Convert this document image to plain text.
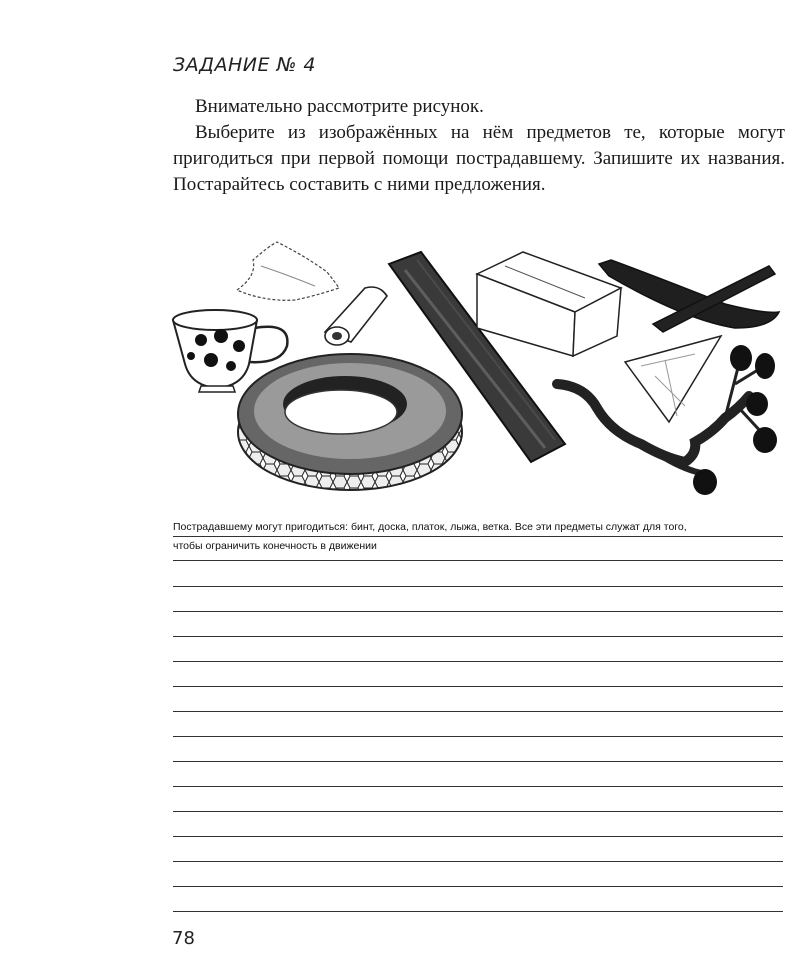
ЗАДАНИЕ № 4

Внимательно рассмотрите рисунок.

Выберите из изображённых на нём предметов те, которые могут пригодиться при первой помощи пострадавшему. Запишите их названия. Постарайтесь составить с ними предложения.

Пострадавшему могут пригодиться: бинт, доска, платок, лыжа, ветка. Все эти предметы служат для того,
чтобы ограничить конечность в движении
78
